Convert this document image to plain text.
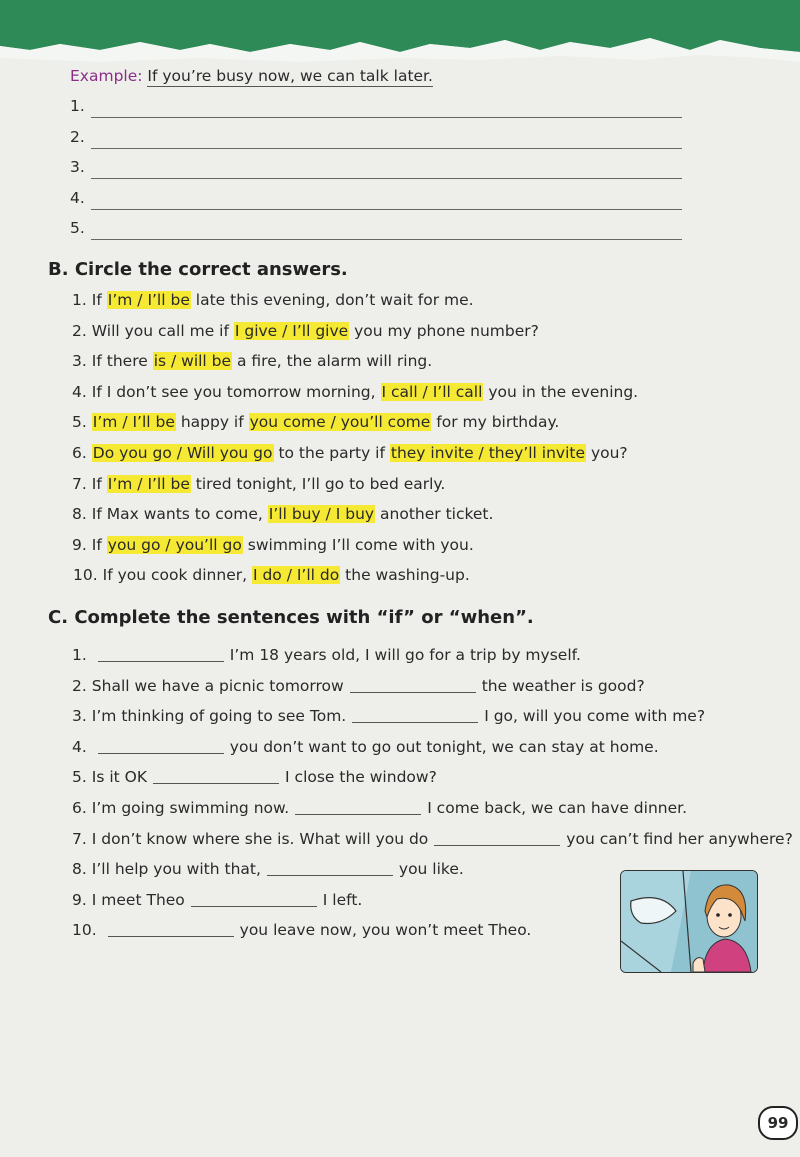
Example: If you’re busy now, we can talk later.
1.
2.
3.
4.
5.
B. Circle the correct answers.
1. If I’m / I’ll be late this evening, don’t wait for me.
2. Will you call me if I give / I’ll give you my phone number?
3. If there is / will be a fire, the alarm will ring.
4. If I don’t see you tomorrow morning, I call / I’ll call you in the evening.
5. I’m / I’ll be happy if you come / you’ll come for my birthday.
6. Do you go / Will you go to the party if they invite / they’ll invite you?
7. If I’m / I’ll be tired tonight, I’ll go to bed early.
8. If Max wants to come, I’ll buy / I buy another ticket.
9. If you go / you’ll go swimming I’ll come with you.
10. If you cook dinner, I do / I’ll do the washing-up.
C. Complete the sentences with “if” or “when”.
1.	I’m 18 years old, I will go for a trip by myself.
2. Shall we have a picnic tomorrow	the weather is good?
3. I’m thinking of going to see Tom.	I go, will you come with me?
4.	you don’t want to go out tonight, we can stay at home.
5. Is it OK	I close the window?
6. I’m going swimming now.	I come back, we can have dinner.
7. I don’t know where she is. What will you do	you can’t find her anywhere?
8. I’ll help you with that,	you like.
9. I meet Theo	I left.
10.	you leave now, you won’t meet Theo.
99
